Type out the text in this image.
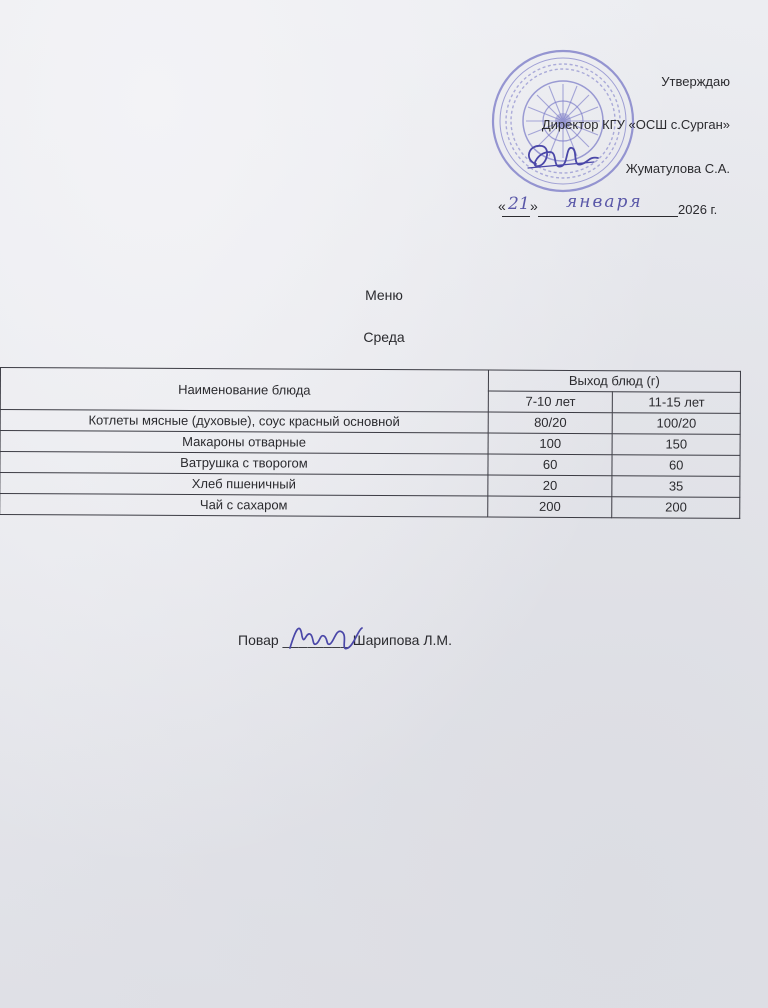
Утверждаю
Директор КГУ «ОСШ с.Сурган»
Жуматулова С.А.
« 21 » января	2026 г.
Меню
Среда
Наименование блюда	Выход блюд (г)	
	7-10 лет	11-15 лет
Котлеты мясные (духовые), соус красный основной	80/20	100/20
Макароны отварные	100	150
Ватрушка с творогом	60	60
Хлеб пшеничный	20	35
Чай с сахаром	200	200
Повар ________ Шарипова Л.М.
